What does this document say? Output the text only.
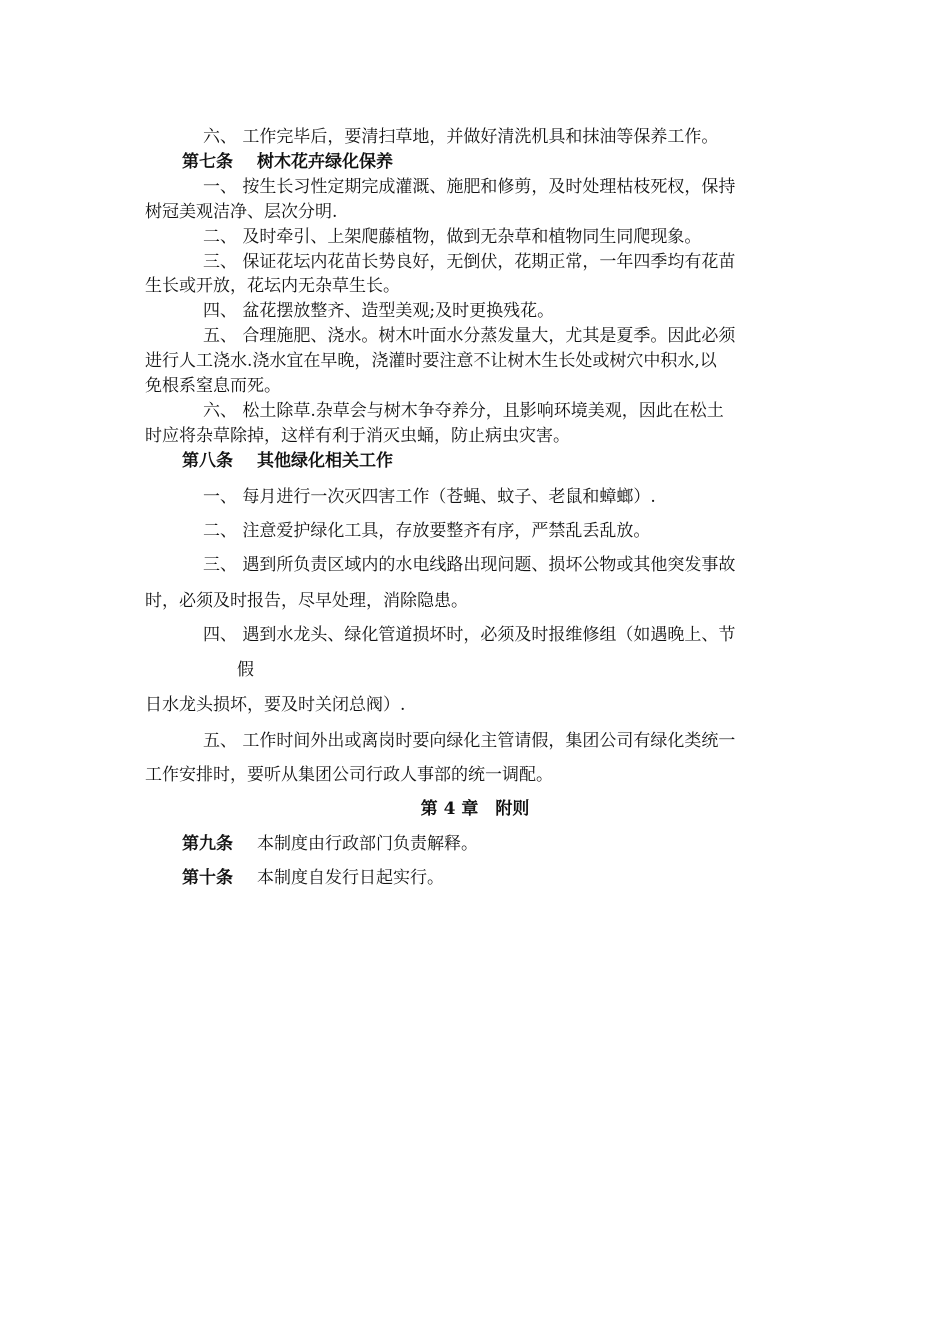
六、 工作完毕后，要清扫草地，并做好清洗机具和抹油等保养工作。
第七条 树木花卉绿化保养
一、 按生长习性定期完成灌溉、施肥和修剪，及时处理枯枝死杈，保持
树冠美观洁净、层次分明.
二、 及时牵引、上架爬藤植物，做到无杂草和植物同生同爬现象。
三、 保证花坛内花苗长势良好，无倒伏，花期正常，一年四季均有花苗
生长或开放，花坛内无杂草生长。
四、 盆花摆放整齐、造型美观;及时更换残花。
五、 合理施肥、浇水。树木叶面水分蒸发量大，尤其是夏季。因此必须
进行人工浇水.浇水宜在早晚，浇灌时要注意不让树木生长处或树穴中积水,以
免根系窒息而死。
六、 松土除草.杂草会与树木争夺养分，且影响环境美观，因此在松土
时应将杂草除掉，这样有利于消灭虫蛹，防止病虫灾害。
第八条 其他绿化相关工作
一、 每月进行一次灭四害工作（苍蝇、蚊子、老鼠和蟑螂）.
二、 注意爱护绿化工具，存放要整齐有序，严禁乱丢乱放。
三、 遇到所负责区域内的水电线路出现问题、损坏公物或其他突发事故
时，必须及时报告，尽早处理，消除隐患。
四、 遇到水龙头、绿化管道损坏时，必须及时报维修组（如遇晚上、节
假
日水龙头损坏，要及时关闭总阀）.
五、 工作时间外出或离岗时要向绿化主管请假，集团公司有绿化类统一
工作安排时，要听从集团公司行政人事部的统一调配。
第 4 章　附则
第九条 本制度由行政部门负责解释。
第十条 本制度自发行日起实行。
